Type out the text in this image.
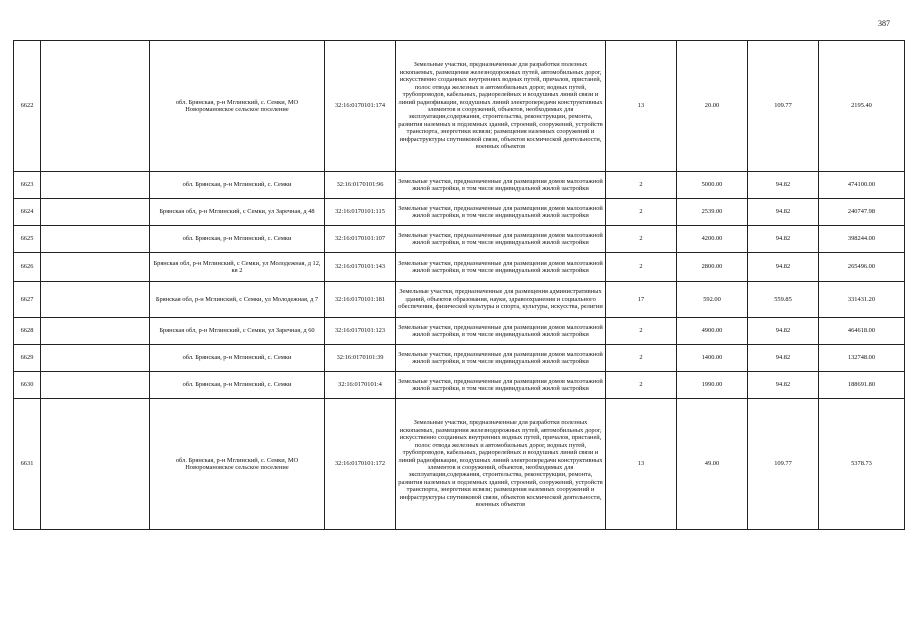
387
6622		обл. Брянская, р-н Мглинский, с. Семки, МО Новоромановское сельское поселение	32:16:0170101:174	Земельные участки, предназначенные для разработки полезных ископаемых, размещения железнодорожных путей, автомобильных дорог, искусственно созданных внутренних водных путей, причалов, пристаней, полос отвода железных и автомобильных дорог, водных путей, трубопроводов, кабельных, радиорелейных и воздушных линий связи и линий радиофикации, воздушных линий электропередачи конструктивных элементов и сооружений, объектов, необходимых для эксплуатации,содержания, строительства, реконструкции, ремонта, развития наземных и подземных зданий, строений, сооружений, устройств транспорта, энергетики исвязи; размещения наземных сооружений и инфраструктуры спутниковой связи, объектов космической деятельности, военных объектов	13	20.00	109.77	2195.40
6623		обл. Брянская, р-н Мглинский, с. Семки	32:16:0170101:96	Земельные участки, предназначенные для размещения домов малоэтажной жилой застройки, в том числе индивидуальной жилой застройки	2	5000.00	94.82	474100.00
6624		Брянская обл, р-н Мглинский, с Семки, ул Заречная, д 48	32:16:0170101:115	Земельные участки, предназначенные для размещения домов малоэтажной жилой застройки, в том числе индивидуальной жилой застройки	2	2539.00	94.82	240747.98
6625		обл. Брянская, р-н Мглинский, с. Семки	32:16:0170101:107	Земельные участки, предназначенные для размещения домов малоэтажной жилой застройки, в том числе индивидуальной жилой застройки	2	4200.00	94.82	398244.00
6626		Брянская обл, р-н Мглинский, с Семки, ул Молодежная, д 12, кв 2	32:16:0170101:143	Земельные участки, предназначенные для размещения домов малоэтажной жилой застройки, в том числе индивидуальной жилой застройки	2	2800.00	94.82	265496.00
6627		Брянская обл, р-н Мглинский, с Семки, ул Молодежная, д 7	32:16:0170101:181	Земельные участки, предназначенные для размещения административных зданий, объектов образования, науки, здравоохранения и социального обеспечения, физической культуры и спорта, культуры, искусства, религии	17	592.00	559.85	331431.20
6628		Брянская обл, р-н Мглинский, с Семки, ул Заречная, д 60	32:16:0170101:123	Земельные участки, предназначенные для размещения домов малоэтажной жилой застройки, в том числе индивидуальной жилой застройки	2	4900.00	94.82	464618.00
6629		обл. Брянская, р-н Мглинский, с. Семки	32:16:0170101:39	Земельные участки, предназначенные для размещения домов малоэтажной жилой застройки, в том числе индивидуальной жилой застройки	2	1400.00	94.82	132748.00
6630		обл. Брянская, р-н Мглинский, с. Семки	32:16:0170101:4	Земельные участки, предназначенные для размещения домов малоэтажной жилой застройки, в том числе индивидуальной жилой застройки	2	1990.00	94.82	188691.80
6631		обл. Брянская, р-н Мглинский, с. Семки, МО Новоромановское сельское поселение	32:16:0170101:172	Земельные участки, предназначенные для разработки полезных ископаемых, размещения железнодорожных путей, автомобильных дорог, искусственно созданных внутренних водных путей, причалов, пристаней, полос отвода железных и автомобильных дорог, водных путей, трубопроводов, кабельных, радиорелейных и воздушных линий связи и линий радиофикации, воздушных линий электропередачи конструктивных элементов и сооружений, объектов, необходимых для эксплуатации,содержания, строительства, реконструкции, ремонта, развития наземных и подземных зданий, строений, сооружений, устройств транспорта, энергетики исвязи; размещения наземных сооружений и инфраструктуры спутниковой связи, объектов космической деятельности, военных объектов	13	49.00	109.77	5378.73
